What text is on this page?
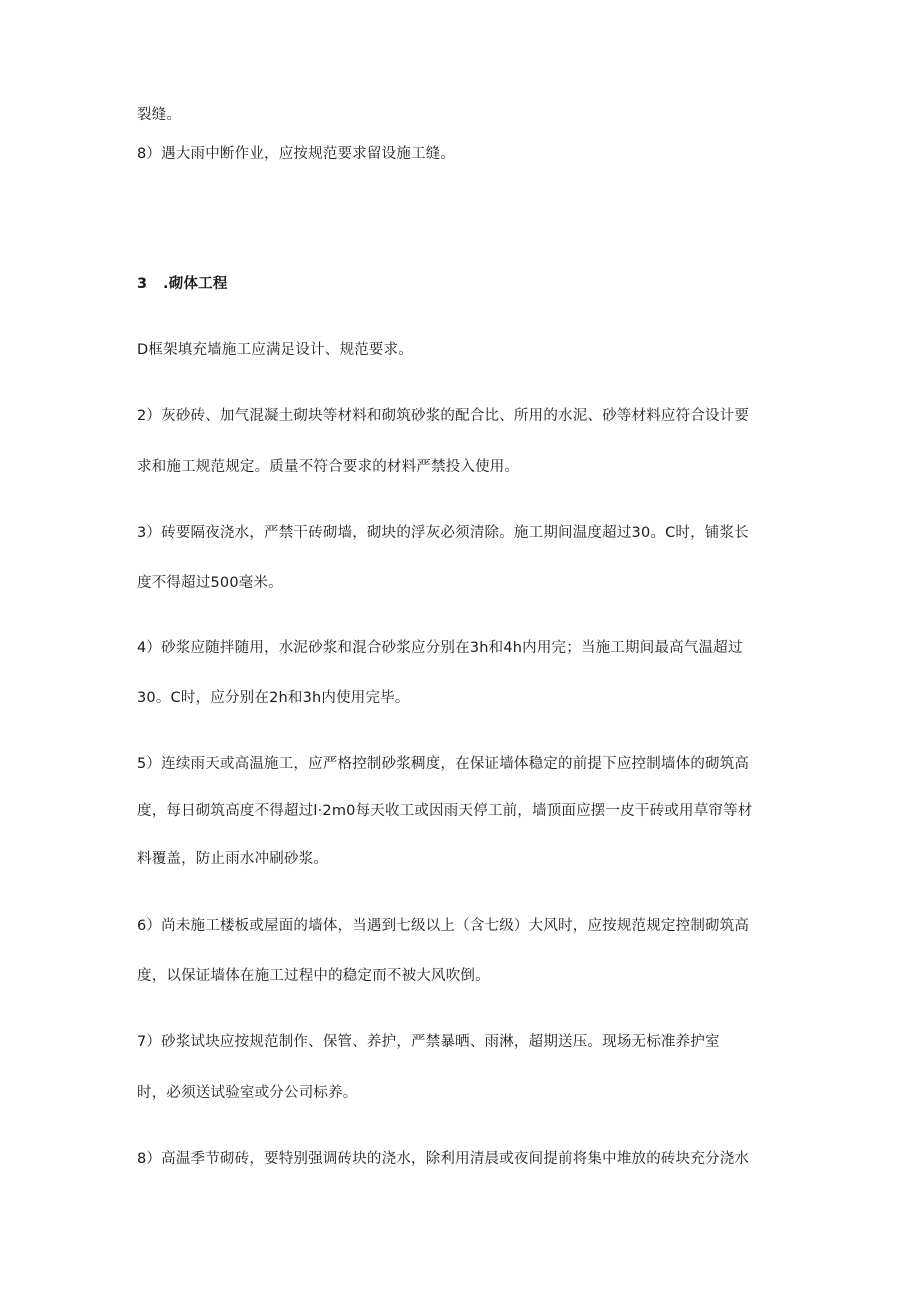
裂缝。
8）遇大雨中断作业，应按规范要求留设施工缝。
3   .砌体工程
D框架填充墙施工应满足设计、规范要求。
2）灰砂砖、加气混凝土砌块等材料和砌筑砂浆的配合比、所用的水泥、砂等材料应符合设计要
求和施工规范规定。质量不符合要求的材料严禁投入使用。
3）砖要隔夜浇水，严禁干砖砌墙，砌块的浮灰必须清除。施工期间温度超过30。C时，铺浆长
度不得超过500毫米。
4）砂浆应随拌随用，水泥砂浆和混合砂浆应分别在3h和4h内用完；当施工期间最高气温超过
30。C时，应分别在2h和3h内使用完毕。
5）连续雨天或高温施工，应严格控制砂浆稠度，在保证墙体稳定的前提下应控制墙体的砌筑高
度，每日砌筑高度不得超过l·2m0每天收工或因雨天停工前，墙顶面应摆一皮干砖或用草帘等材
料覆盖，防止雨水冲刷砂浆。
6）尚未施工楼板或屋面的墙体，当遇到七级以上（含七级）大风时，应按规范规定控制砌筑高
度，以保证墙体在施工过程中的稳定而不被大风吹倒。
7）砂浆试块应按规范制作、保管、养护，严禁暴晒、雨淋，超期送压。现场无标准养护室
时，必须送试验室或分公司标养。
8）高温季节砌砖，要特别强调砖块的浇水，除利用清晨或夜间提前将集中堆放的砖块充分浇水
